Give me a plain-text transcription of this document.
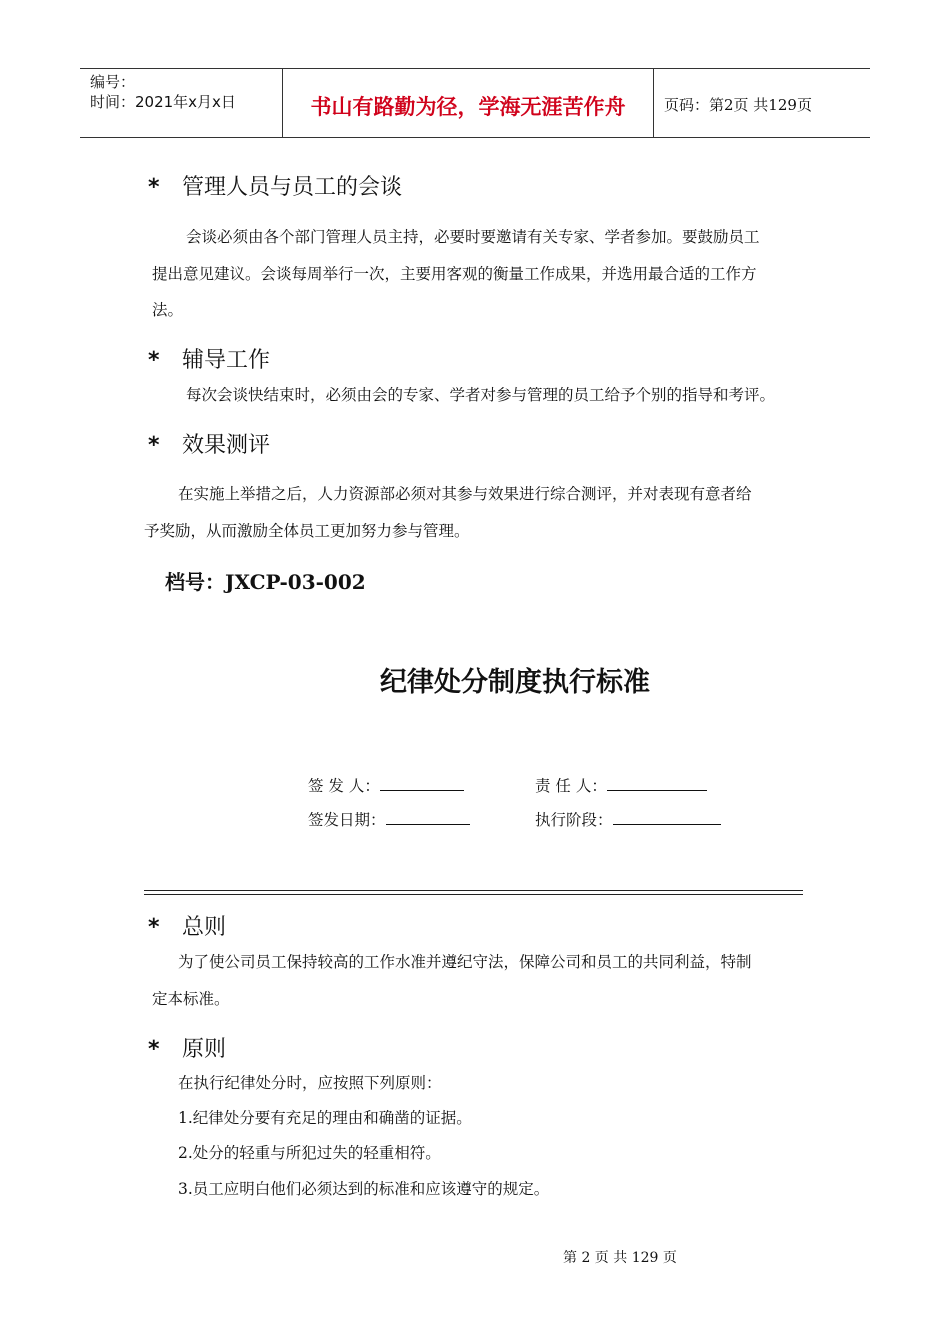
编号：
时间：2021年x月x日	书山有路勤为径，学海无涯苦作舟	页码：第2页 共129页
* 管理人员与员工的会谈
会谈必须由各个部门管理人员主持，必要时要邀请有关专家、学者参加。要鼓励员工
提出意见建议。会谈每周举行一次，主要用客观的衡量工作成果，并选用最合适的工作方
法。
* 辅导工作
每次会谈快结束时，必须由会的专家、学者对参与管理的员工给予个别的指导和考评。
* 效果测评
在实施上举措之后，人力资源部必须对其参与效果进行综合测评，并对表现有意者给
予奖励，从而激励全体员工更加努力参与管理。
档号：JXCP-03-002
纪律处分制度执行标准
签 发 人：	责 任 人：
签发日期：	执行阶段：
* 总则
为了使公司员工保持较高的工作水准并遵纪守法，保障公司和员工的共同利益，特制
定本标准。
* 原则
在执行纪律处分时，应按照下列原则：
1.纪律处分要有充足的理由和确凿的证据。
2.处分的轻重与所犯过失的轻重相符。
3.员工应明白他们必须达到的标准和应该遵守的规定。
第 2 页 共 129 页
